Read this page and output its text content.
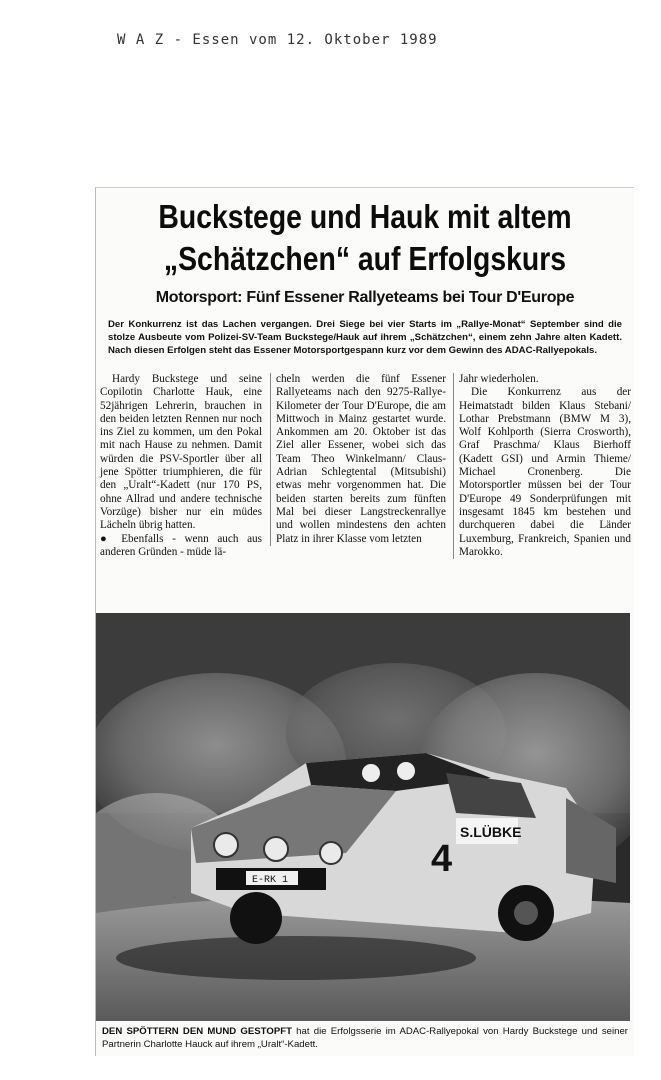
W A Z - Essen vom 12. Oktober 1989
Buckstege und Hauk mit altem
„Schätzchen“ auf Erfolgskurs
Motorsport: Fünf Essener Rallyeteams bei Tour D'Europe
Der Konkurrenz ist das Lachen vergangen. Drei Siege bei vier Starts im „Rallye-Monat“ September sind die stolze Ausbeute vom Polizei-SV-Team Buckstege/Hauk auf ihrem „Schätzchen“, einem zehn Jahre alten Kadett. Nach diesen Erfolgen steht das Essener Motorsportgespann kurz vor dem Gewinn des ADAC-Rallyepokals.

Hardy Buckstege und seine Copilotin Charlotte Hauk, eine 52jährigen Lehrerin, brauchen in den beiden letzten Rennen nur noch ins Ziel zu kommen, um den Pokal mit nach Hause zu nehmen. Damit würden die PSV-Sportler über all jene Spötter triumphieren, die für den „Uralt“-Kadett (nur 170 PS, ohne Allrad und andere technische Vorzüge) bisher nur ein müdes Lächeln übrig hatten.

● Ebenfalls - wenn auch aus anderen Gründen - müde lä-

cheln werden die fünf Essener Rallyeteams nach den 9275-Rallye-Kilometer der Tour D'Europe, die am Mittwoch in Mainz gestartet wurde. Ankommen am 20. Oktober ist das Ziel aller Essener, wobei sich das Team Theo Winkelmann/ Claus-Adrian Schlegtental (Mitsubishi) etwas mehr vorgenommen hat. Die beiden starten bereits zum fünften Mal bei dieser Langstreckenrallye und wollen mindestens den achten Platz in ihrer Klasse vom letzten

Jahr wiederholen.

Die Konkurrenz aus der Heimatstadt bilden Klaus Stebani/ Lothar Prebstmann (BMW M 3), Wolf Kohlporth (Sierra Crosworth), Graf Praschma/ Klaus Bierhoff (Kadett GSI) und Armin Thieme/ Michael Cronenberg. Die Motorsportler müssen bei der Tour D'Europe 49 Sonderprüfungen mit insgesamt 1845 km bestehen und durchqueren dabei die Länder Luxemburg, Frankreich, Spanien und Marokko.

4
S.LÜBKE
E-RK 1
DEN SPÖTTERN DEN MUND GESTOPFT hat die Erfolgsserie im ADAC-Rallyepokal von Hardy Buckstege und seiner Partnerin Charlotte Hauck auf ihrem „Uralt“-Kadett.
